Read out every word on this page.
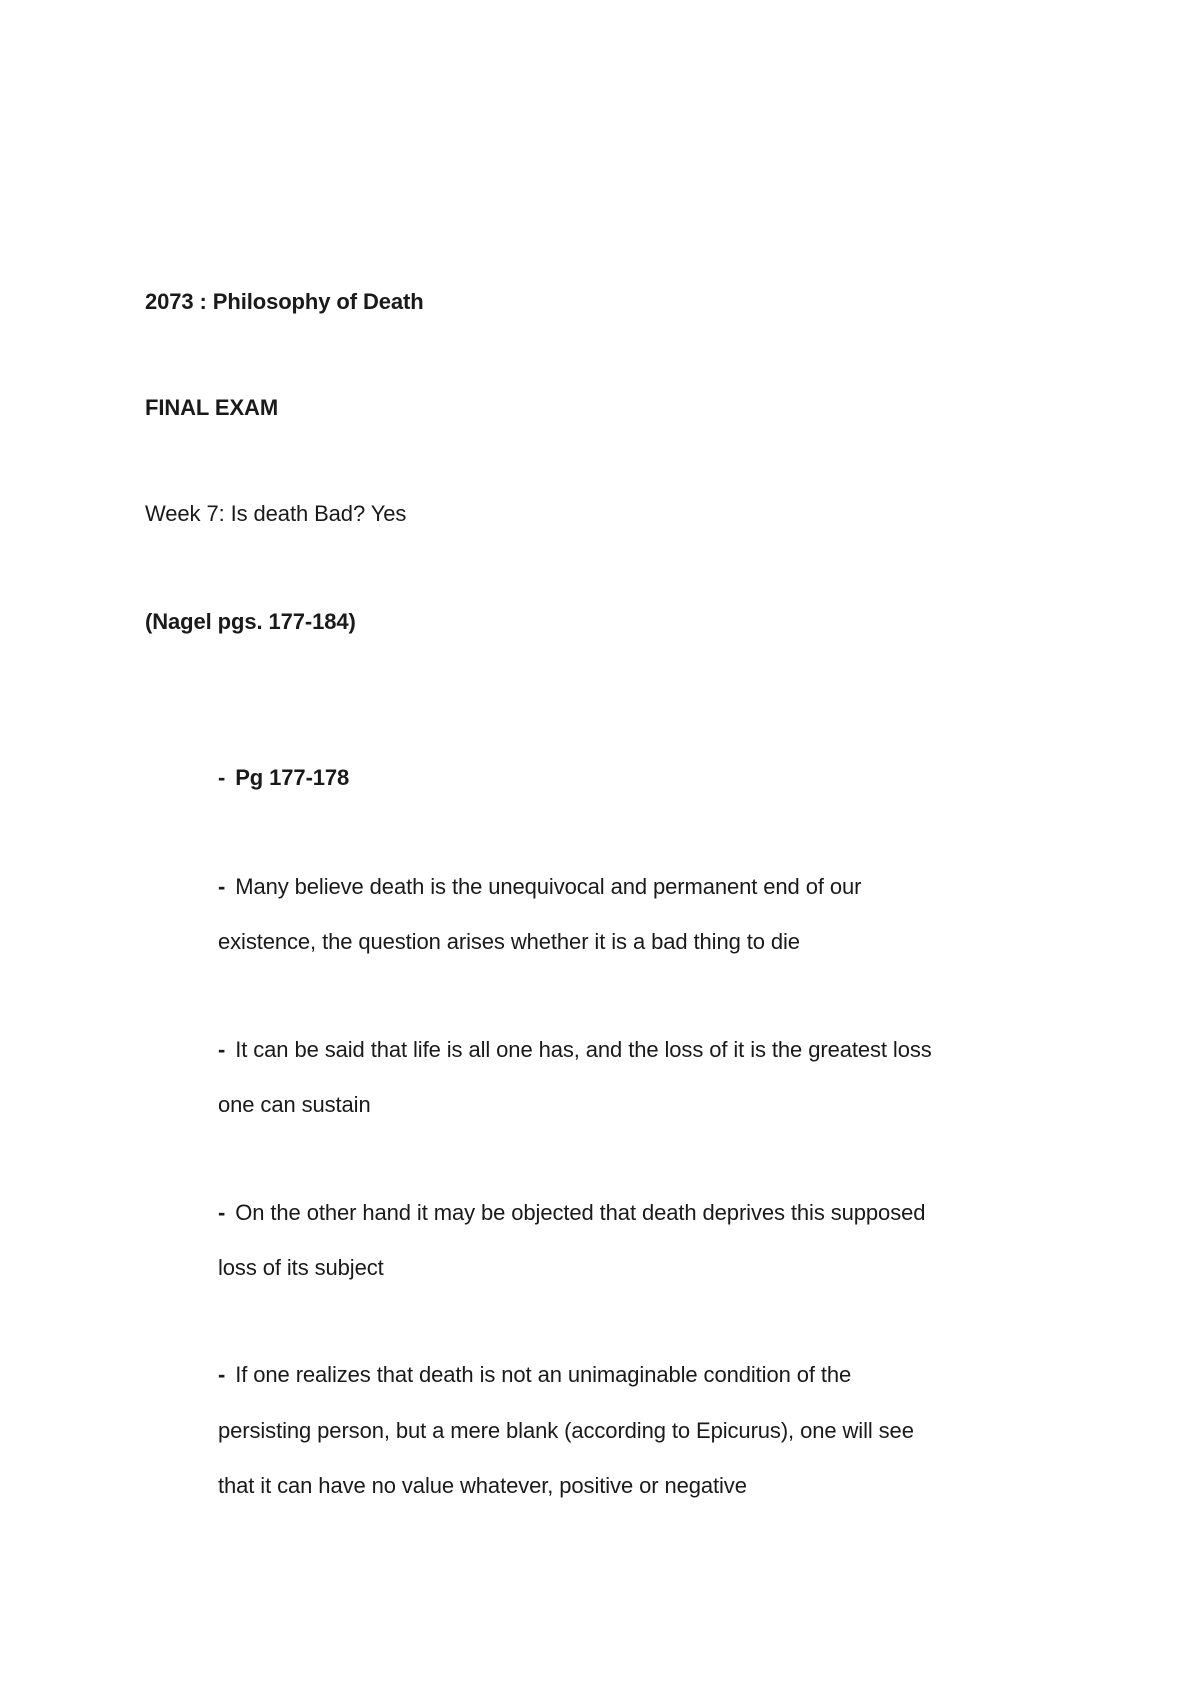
2073 : Philosophy of Death
FINAL EXAM
Week 7: Is death Bad? Yes
(Nagel pgs. 177-184)
- Pg 177-178
- Many believe death is the unequivocal and permanent end of our
existence, the question arises whether it is a bad thing to die
- It can be said that life is all one has, and the loss of it is the greatest loss
one can sustain
- On the other hand it may be objected that death deprives this supposed
loss of its subject
- If one realizes that death is not an unimaginable condition of the
persisting person, but a mere blank (according to Epicurus), one will see
that it can have no value whatever, positive or negative
